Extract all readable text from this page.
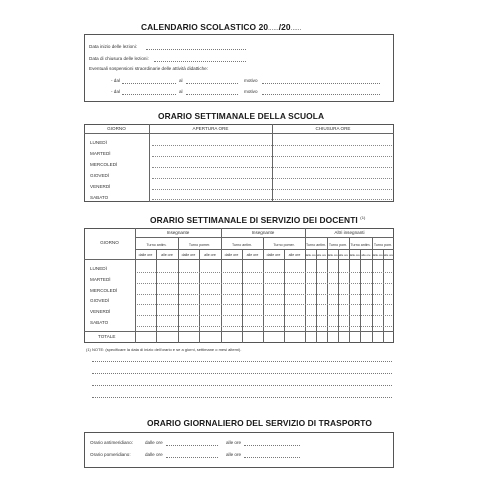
CALENDARIO SCOLASTICO 20....../20......
Data inizio delle lezioni:
Data di chiusura delle lezioni:
Eventuali sospensioni straordinarie delle attività didattiche:
- dal	al	motivo
- dal	al	motivo
ORARIO SETTIMANALE DELLA SCUOLA
GIORNO	APERTURA ORE	CHIUSURA ORE
LUNEDÌ
MARTEDÌ
MERCOLEDÌ
GIOVEDÌ
VENERDÌ
SABATO
ORARIO SETTIMANALE DI SERVIZIO DEI DOCENTI $^{(1)}$
GIORNO
Insegnante	Insegnante	Altri insegnanti
Turno antim.	Turno pomer.	Turno antim.	Turno pomer.	Turno antim. Turno pom. Turno antim. Turno pom.
dalle ore	alle ore	dalle ore	alle ore	dalle ore	alle ore	dalle ore	alle ore	dalle ore alle ore dalle ore alle ore dalle ore alle ore dalle ore alle ore
LUNEDÌ
MARTEDÌ
MERCOLEDÌ
GIOVEDÌ
VENERDÌ
SABATO
TOTALE
(1) NOTE: (specificare la data di inizio dell'orario e se a giorni, settimane o mesi alterni).
ORARIO GIORNALIERO DEL SERVIZIO DI TRASPORTO
Orario antimeridiano:	dalle ore	alle ore
Orario pomeridiano:	dalle ore	alle ore
